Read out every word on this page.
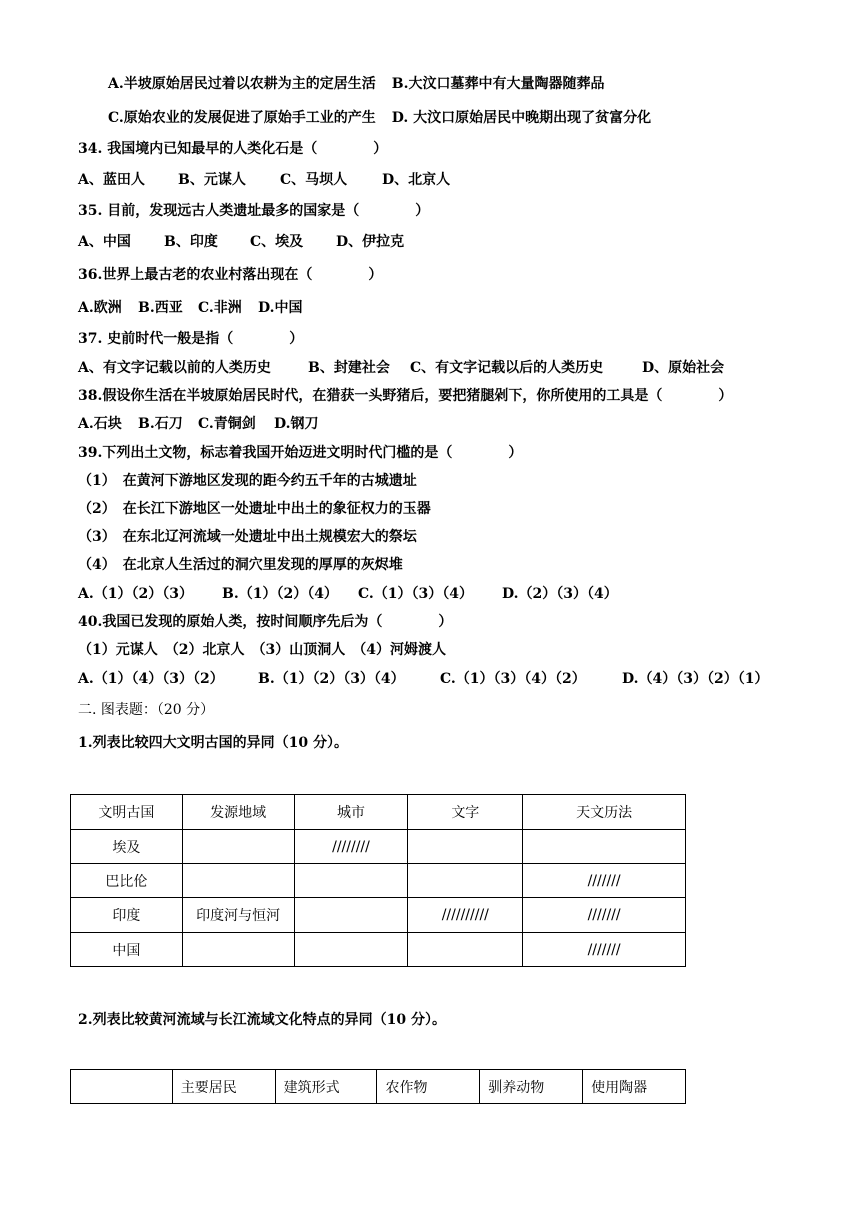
A.半坡原始居民过着以农耕为主的定居生活 B.大汶口墓葬中有大量陶器随葬品
C.原始农业的发展促进了原始手工业的产生 D. 大汶口原始居民中晚期出现了贫富分化
34. 我国境内已知最早的人类化石是（　　　　）
A、蓝田人 B、元谋人 C、马坝人 D、北京人
35. 目前，发现远古人类遗址最多的国家是（　　　　）
A、中国 B、印度 C、埃及 D、伊拉克
36.世界上最古老的农业村落出现在（　　　　）
A.欧洲 B.西亚 C.非洲 D.中国
37. 史前时代一般是指（　　　　）
A、有文字记载以前的人类历史	B、封建社会 C、有文字记载以后的人类历史	D、原始社会
38.假设你生活在半坡原始居民时代，在猎获一头野猪后，要把猪腿剁下，你所使用的工具是（　　　　）
A.石块 B.石刀 C.青铜剑 D.钢刀
39.下列出土文物，标志着我国开始迈进文明时代门槛的是（　　　　）
（1）　在黄河下游地区发现的距今约五千年的古城遗址
（2）　在长江下游地区一处遗址中出土的象征权力的玉器
（3）　在东北辽河流域一处遗址中出土规模宏大的祭坛
（4）　在北京人生活过的洞穴里发现的厚厚的灰烬堆
A.（1）（2）（3） B.（1）（2）（4） C.（1）（3）（4） D.（2）（3）（4）
40.我国已发现的原始人类，按时间顺序先后为（　　　　）
（1）元谋人　（2）北京人　（3）山顶洞人　（4）河姆渡人
A.（1）（4）（3）（2） B.（1）（2）（3）（4）	C.（1）（3）（4）（2）	D.（4）（3）（2）（1）
二. 图表题：（20 分）
1.列表比较四大文明古国的异同（10 分）。
文明古国	发源地域	城市	文字	天文历法
埃及		////////		
巴比伦				///////
印度	印度河与恒河		//////////	///////
中国				///////
2.列表比较黄河流域与长江流域文化特点的异同（10 分）。
	主要居民	建筑形式	农作物	驯养动物	使用陶器
